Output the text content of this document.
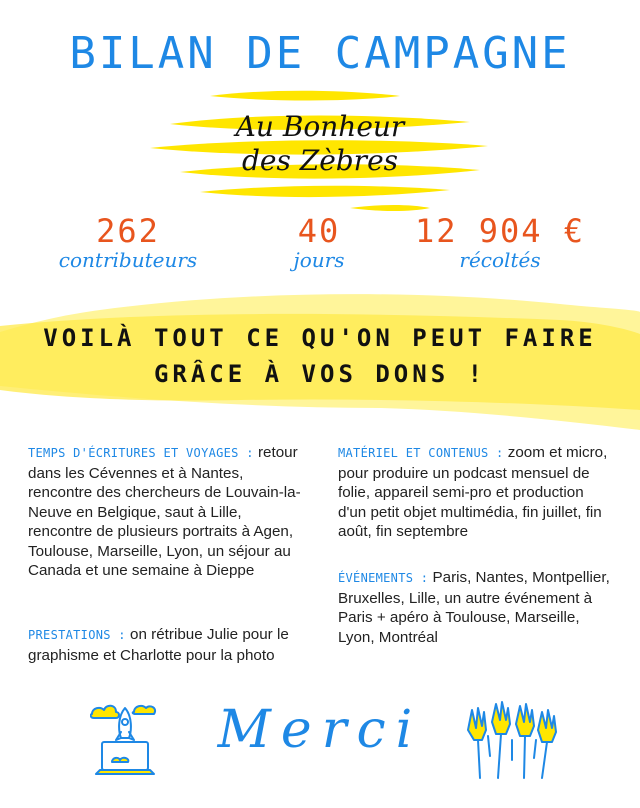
BILAN DE CAMPAGNE
Au Bonheur
des Zèbres
262
contributeurs
40
jours
12 904 €
récoltés
VOILÀ TOUT CE QU'ON PEUT FAIRE
GRÂCE À VOS DONS !
TEMPS D'ÉCRITURES ET VOYAGES : retour dans les Cévennes et à Nantes, rencontre des chercheurs de Louvain-la-Neuve en Belgique, saut à Lille, rencontre de plusieurs portraits à Agen, Toulouse, Marseille, Lyon, un séjour au Canada et une semaine à Dieppe
PRESTATIONS : on rétribue Julie pour le graphisme et Charlotte pour la photo
MATÉRIEL ET CONTENUS : zoom et micro, pour produire un podcast mensuel de folie, appareil semi-pro et production d'un petit objet multimédia, fin juillet, fin août, fin septembre
ÉVÉNEMENTS : Paris, Nantes, Montpellier, Bruxelles, Lille, un autre événement à Paris + apéro à Toulouse, Marseille, Lyon, Montréal
Merci
